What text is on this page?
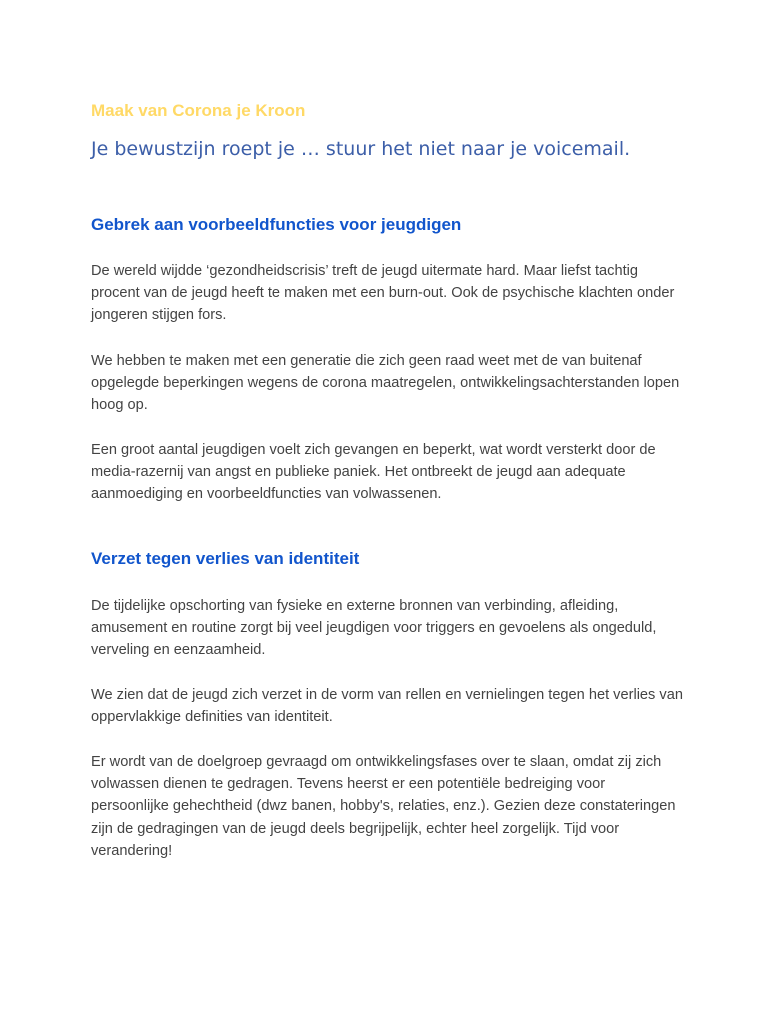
Maak van Corona je Kroon

Je bewustzijn roept je … stuur het niet naar je voicemail.
Gebrek aan voorbeeldfuncties voor jeugdigen

De wereld wijdde ‘gezondheidscrisis’ treft de jeugd uitermate hard. Maar liefst tachtig procent van de jeugd heeft te maken met een burn-out. Ook de psychische klachten onder jongeren stijgen fors.

We hebben te maken met een generatie die zich geen raad weet met de van buitenaf opgelegde beperkingen wegens de corona maatregelen, ontwikkelingsachterstanden lopen hoog op.

Een groot aantal jeugdigen voelt zich gevangen en beperkt, wat wordt versterkt door de media-razernij van angst en publieke paniek. Het ontbreekt de jeugd aan adequate aanmoediging en voorbeeldfuncties van volwassenen.

Verzet tegen verlies van identiteit

De tijdelijke opschorting van fysieke en externe bronnen van verbinding, afleiding, amusement en routine zorgt bij veel jeugdigen voor triggers en gevoelens als ongeduld, verveling en eenzaamheid.

We zien dat de jeugd zich verzet in de vorm van rellen en vernielingen tegen het verlies van oppervlakkige definities van identiteit.

Er wordt van de doelgroep gevraagd om ontwikkelingsfases over te slaan, omdat zij zich volwassen dienen te gedragen. Tevens heerst er een potentiële bedreiging voor persoonlijke gehechtheid (dwz banen, hobby's, relaties, enz.). Gezien deze constateringen zijn de gedragingen van de jeugd deels begrijpelijk, echter heel zorgelijk. Tijd voor verandering!
